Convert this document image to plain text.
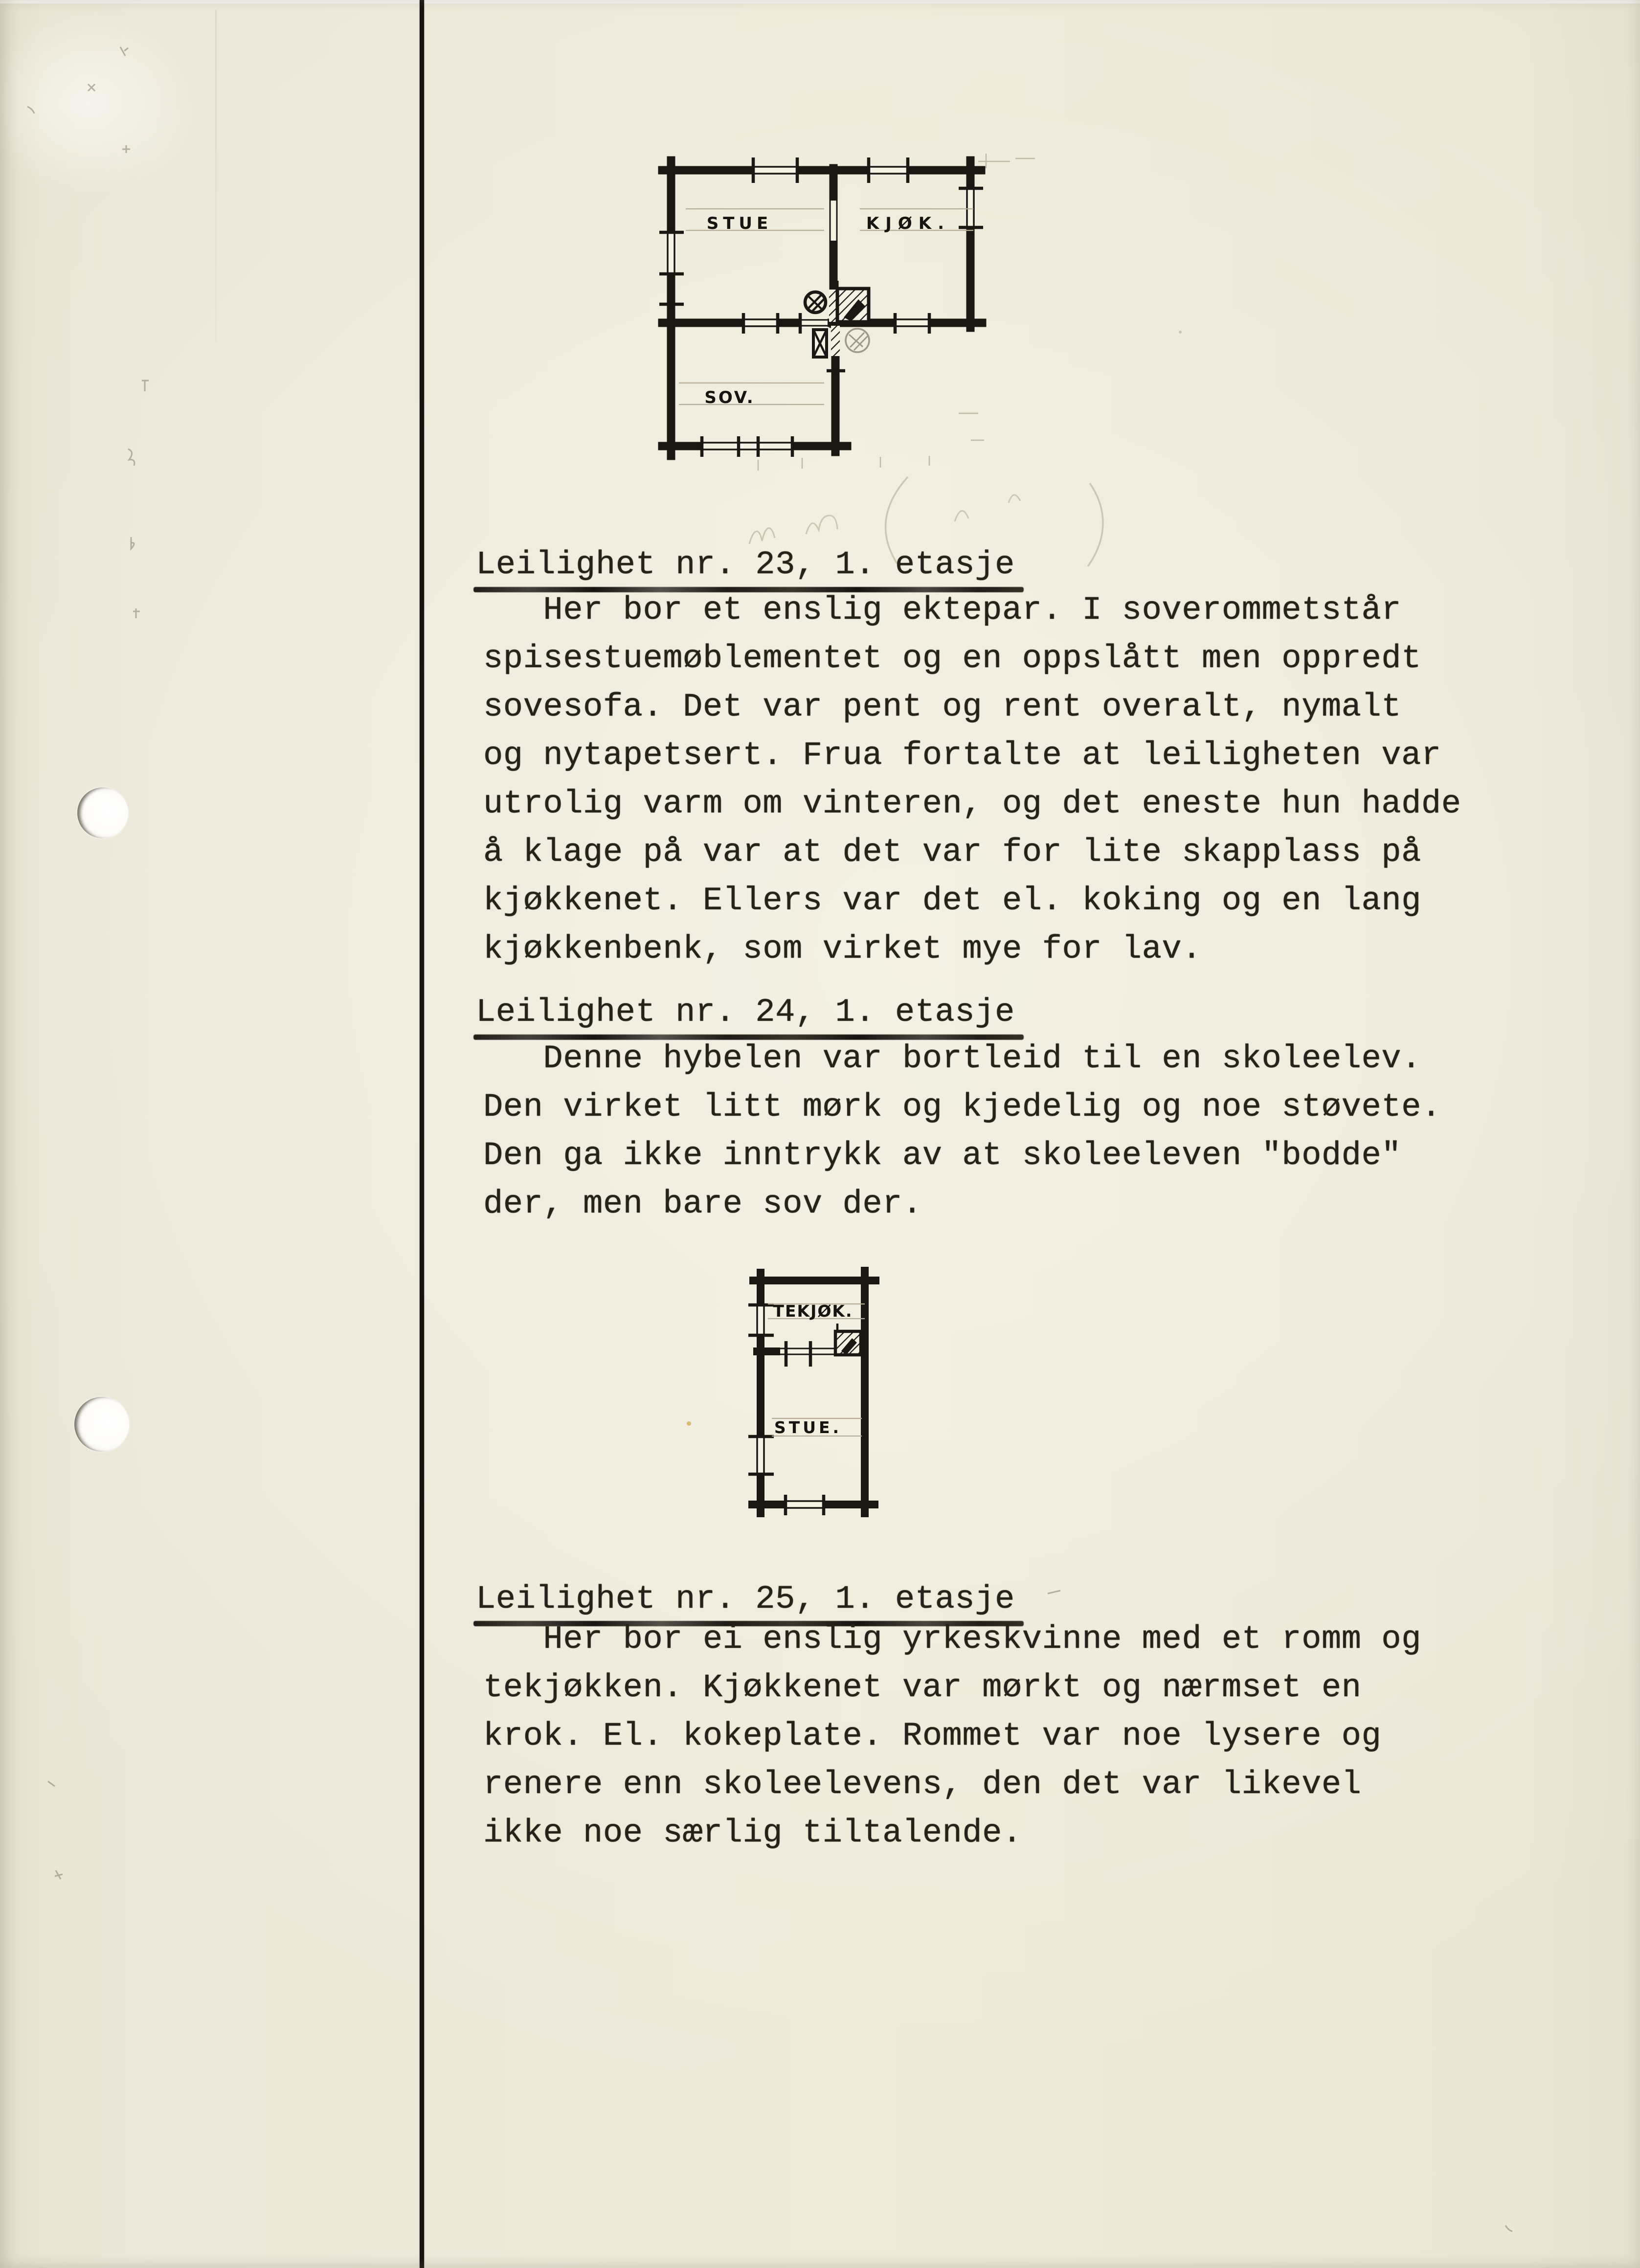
STUE	KJØK.
SOV.
Leilighet nr. 23, 1. etasje
Her bor et enslig ektepar. I soverommetstår
spisestuemøblementet og en oppslått men oppredt
sovesofa. Det var pent og rent overalt, nymalt
og nytapetsert. Frua fortalte at leiligheten var
utrolig varm om vinteren, og det eneste hun hadde
å klage på var at det var for lite skapplass på
kjøkkenet. Ellers var det el. koking og en lang
kjøkkenbenk, som virket mye for lav.
Leilighet nr. 24, 1. etasje
Denne hybelen var bortleid til en skoleelev.
Den virket litt mørk og kjedelig og noe støvete.
Den ga ikke inntrykk av at skoleeleven "bodde"
der, men bare sov der.
TEKJØK.
STUE.
Leilighet nr. 25, 1. etasje
Her bor ei enslig yrkeskvinne med et romm og
tekjøkken. Kjøkkenet var mørkt og nærmset en
krok. El. kokeplate. Rommet var noe lysere og
renere enn skoleelevens, den det var likevel
ikke noe særlig tiltalende.
